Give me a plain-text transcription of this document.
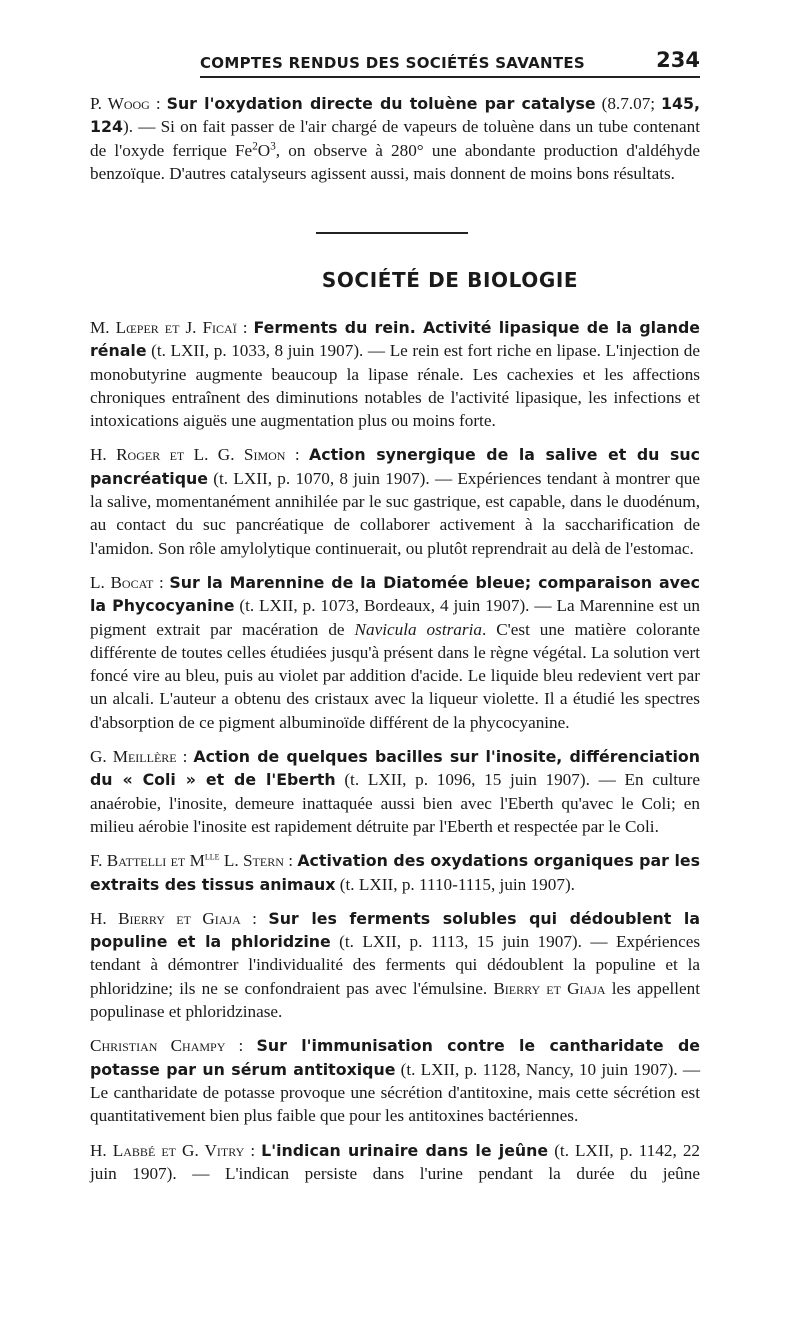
COMPTES RENDUS DES SOCIÉTÉS SAVANTES	234

P. Woog : Sur l'oxydation directe du toluène par catalyse (8.7.07; 145, 124). — Si on fait passer de l'air chargé de vapeurs de toluène dans un tube contenant de l'oxyde ferrique $Fe^2O^3$, on observe à 280° une abondante production d'aldéhyde benzoïque. D'autres catalyseurs agissent aussi, mais donnent de moins bons résultats.

SOCIÉTÉ DE BIOLOGIE

M. Lœper et J. Ficaï : Ferments du rein. Activité lipasique de la glande rénale (t. LXII, p. 1033, 8 juin 1907). — Le rein est fort riche en lipase. L'injection de monobutyrine augmente beaucoup la lipase rénale. Les cachexies et les affections chroniques entraînent des diminutions notables de l'activité lipasique, les infections et intoxications aiguës une augmentation plus ou moins forte.

H. Roger et L. G. Simon : Action synergique de la salive et du suc pancréatique (t. LXII, p. 1070, 8 juin 1907). — Expériences tendant à montrer que la salive, momentanément annihilée par le suc gastrique, est capable, dans le duodénum, au contact du suc pancréatique de collaborer activement à la saccharification de l'amidon. Son rôle amylolytique continuerait, ou plutôt reprendrait au delà de l'estomac.

L. Bocat : Sur la Marennine de la Diatomée bleue; comparaison avec la Phycocyanine (t. LXII, p. 1073, Bordeaux, 4 juin 1907). — La Marennine est un pigment extrait par macération de Navicula ostraria. C'est une matière colorante différente de toutes celles étudiées jusqu'à présent dans le règne végétal. La solution vert foncé vire au bleu, puis au violet par addition d'acide. Le liquide bleu redevient vert par un alcali. L'auteur a obtenu des cristaux avec la liqueur violette. Il a étudié les spectres d'absorption de ce pigment albuminoïde différent de la phycocyanine.

G. Meillère : Action de quelques bacilles sur l'inosite, différenciation du « Coli » et de l'Eberth (t. LXII, p. 1096, 15 juin 1907). — En culture anaérobie, l'inosite, demeure inattaquée aussi bien avec l'Eberth qu'avec le Coli; en milieu aérobie l'inosite est rapidement détruite par l'Eberth et respectée par le Coli.

F. Battelli et $M^{lle}$ L. Stern : Activation des oxydations organiques par les extraits des tissus animaux (t. LXII, p. 1110-1115, juin 1907).

H. Bierry et Giaja : Sur les ferments solubles qui dédoublent la populine et la phloridzine (t. LXII, p. 1113, 15 juin 1907). — Expériences tendant à démontrer l'individualité des ferments qui dédoublent la populine et la phloridzine; ils ne se confondraient pas avec l'émulsine. Bierry et Giaja les appellent populinase et phloridzinase.

Christian Champy : Sur l'immunisation contre le cantharidate de potasse par un sérum antitoxique (t. LXII, p. 1128, Nancy, 10 juin 1907). — Le cantharidate de potasse provoque une sécrétion d'antitoxine, mais cette sécrétion est quantitativement bien plus faible que pour les antitoxines bactériennes.

H. Labbé et G. Vitry : L'indican urinaire dans le jeûne (t. LXII, p. 1142, 22 juin 1907). — L'indican persiste dans l'urine pendant la durée du jeûne
